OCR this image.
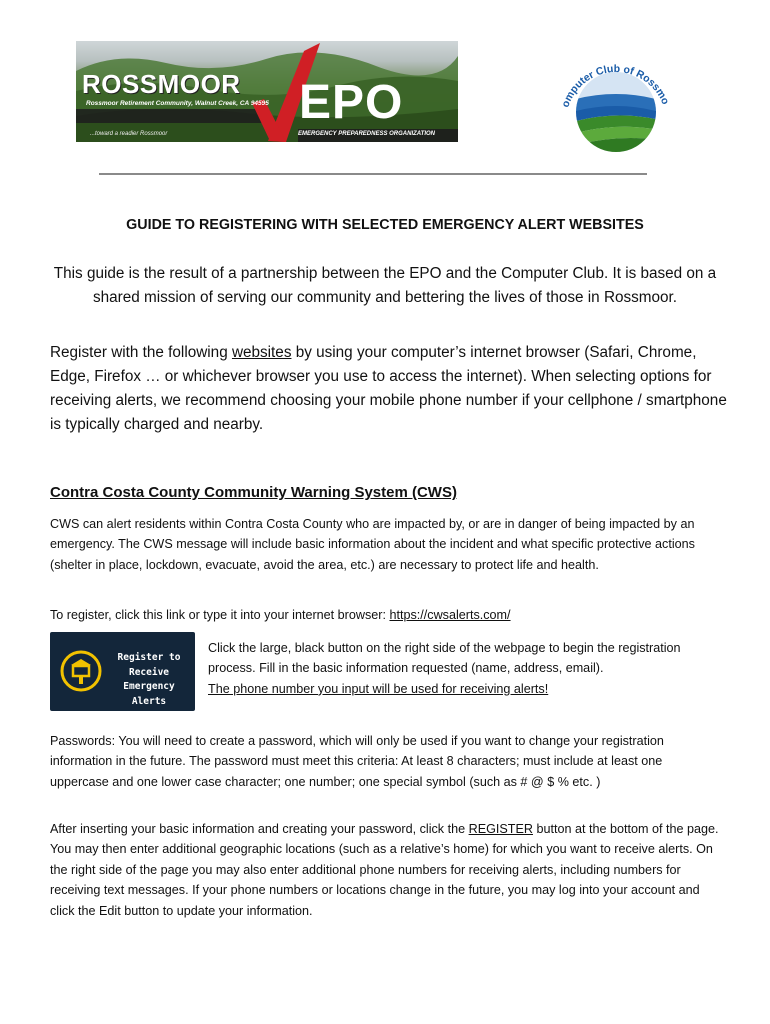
ROSSMOOR
Rossmoor Retirement Community, Walnut Creek, CA 94595
...toward a readier Rossmoor
EPO
EMERGENCY PREPAREDNESS ORGANIZATION
omputer Club of Rossmo
GUIDE TO REGISTERING WITH SELECTED EMERGENCY ALERT WEBSITES
This guide is the result of a partnership between the EPO and the Computer Club. It is based on a shared mission of serving our community and bettering the lives of those in Rossmoor.
Register with the following websites by using your computer’s internet browser (Safari, Chrome, Edge, Firefox … or whichever browser you use to access the internet). When selecting options for receiving alerts, we recommend choosing your mobile phone number if your cellphone / smartphone is typically charged and nearby.
Contra Costa County Community Warning System (CWS)
CWS can alert residents within Contra Costa County who are impacted by, or are in danger of being impacted by an emergency. The CWS message will include basic information about the incident and what specific protective actions (shelter in place, lockdown, evacuate, avoid the area, etc.) are necessary to protect life and health.
To register, click this link or type it into your internet browser: https://cwsalerts.com/
Register to
Receive
Emergency Alerts
Click the large, black button on the right side of the webpage to begin the registration process. Fill in the basic information requested (name, address, email).
The phone number you input will be used for receiving alerts!
Passwords: You will need to create a password, which will only be used if you want to change your registration information in the future. The password must meet this criteria: At least 8 characters; must include at least one uppercase and one lower case character; one number; one special symbol (such as # @ $ % etc. )
After inserting your basic information and creating your password, click the REGISTER button at the bottom of the page. You may then enter additional geographic locations (such as a relative’s home) for which you want to receive alerts. On the right side of the page you may also enter additional phone numbers for receiving alerts, including numbers for receiving text messages. If your phone numbers or locations change in the future, you may log into your account and click the Edit button to update your information.
